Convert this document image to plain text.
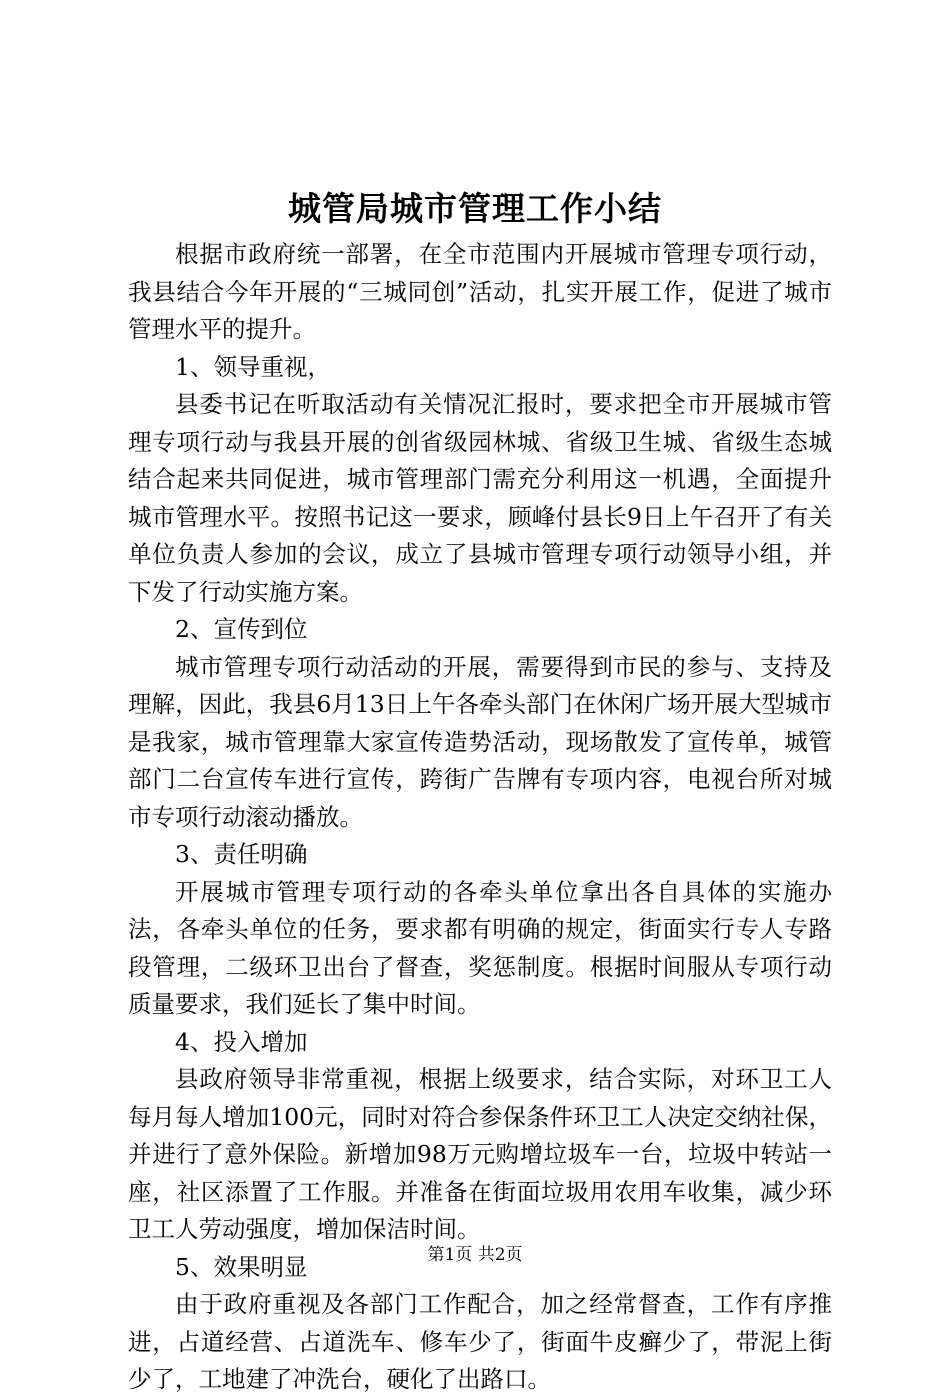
城管局城市管理工作小结

根据市政府统一部署，在全市范围内开展城市管理专项行动，我县结合今年开展的“三城同创”活动，扎实开展工作，促进了城市管理水平的提升。

1、领导重视，

县委书记在听取活动有关情况汇报时，要求把全市开展城市管理专项行动与我县开展的创省级园林城、省级卫生城、省级生态城结合起来共同促进，城市管理部门需充分利用这一机遇，全面提升城市管理水平。按照书记这一要求，顾峰付县长9日上午召开了有关单位负责人参加的会议，成立了县城市管理专项行动领导小组，并下发了行动实施方案。

2、宣传到位

城市管理专项行动活动的开展，需要得到市民的参与、支持及理解，因此，我县6月13日上午各牵头部门在休闲广场开展大型城市是我家，城市管理靠大家宣传造势活动，现场散发了宣传单，城管部门二台宣传车进行宣传，跨街广告牌有专项内容，电视台所对城市专项行动滚动播放。

3、责任明确

开展城市管理专项行动的各牵头单位拿出各自具体的实施办法，各牵头单位的任务，要求都有明确的规定，街面实行专人专路段管理，二级环卫出台了督查，奖惩制度。根据时间服从专项行动质量要求，我们延长了集中时间。

4、投入增加

县政府领导非常重视，根据上级要求，结合实际，对环卫工人每月每人增加100元，同时对符合参保条件环卫工人决定交纳社保，并进行了意外保险。新增加98万元购增垃圾车一台，垃圾中转站一座，社区添置了工作服。并准备在街面垃圾用农用车收集，减少环卫工人劳动强度，增加保洁时间。

5、效果明显

由于政府重视及各部门工作配合，加之经常督查，工作有序推进，占道经营、占道洗车、修车少了，街面牛皮癣少了，带泥上街少了，工地建了冲洗台，硬化了出路口。

第1页 共2页
